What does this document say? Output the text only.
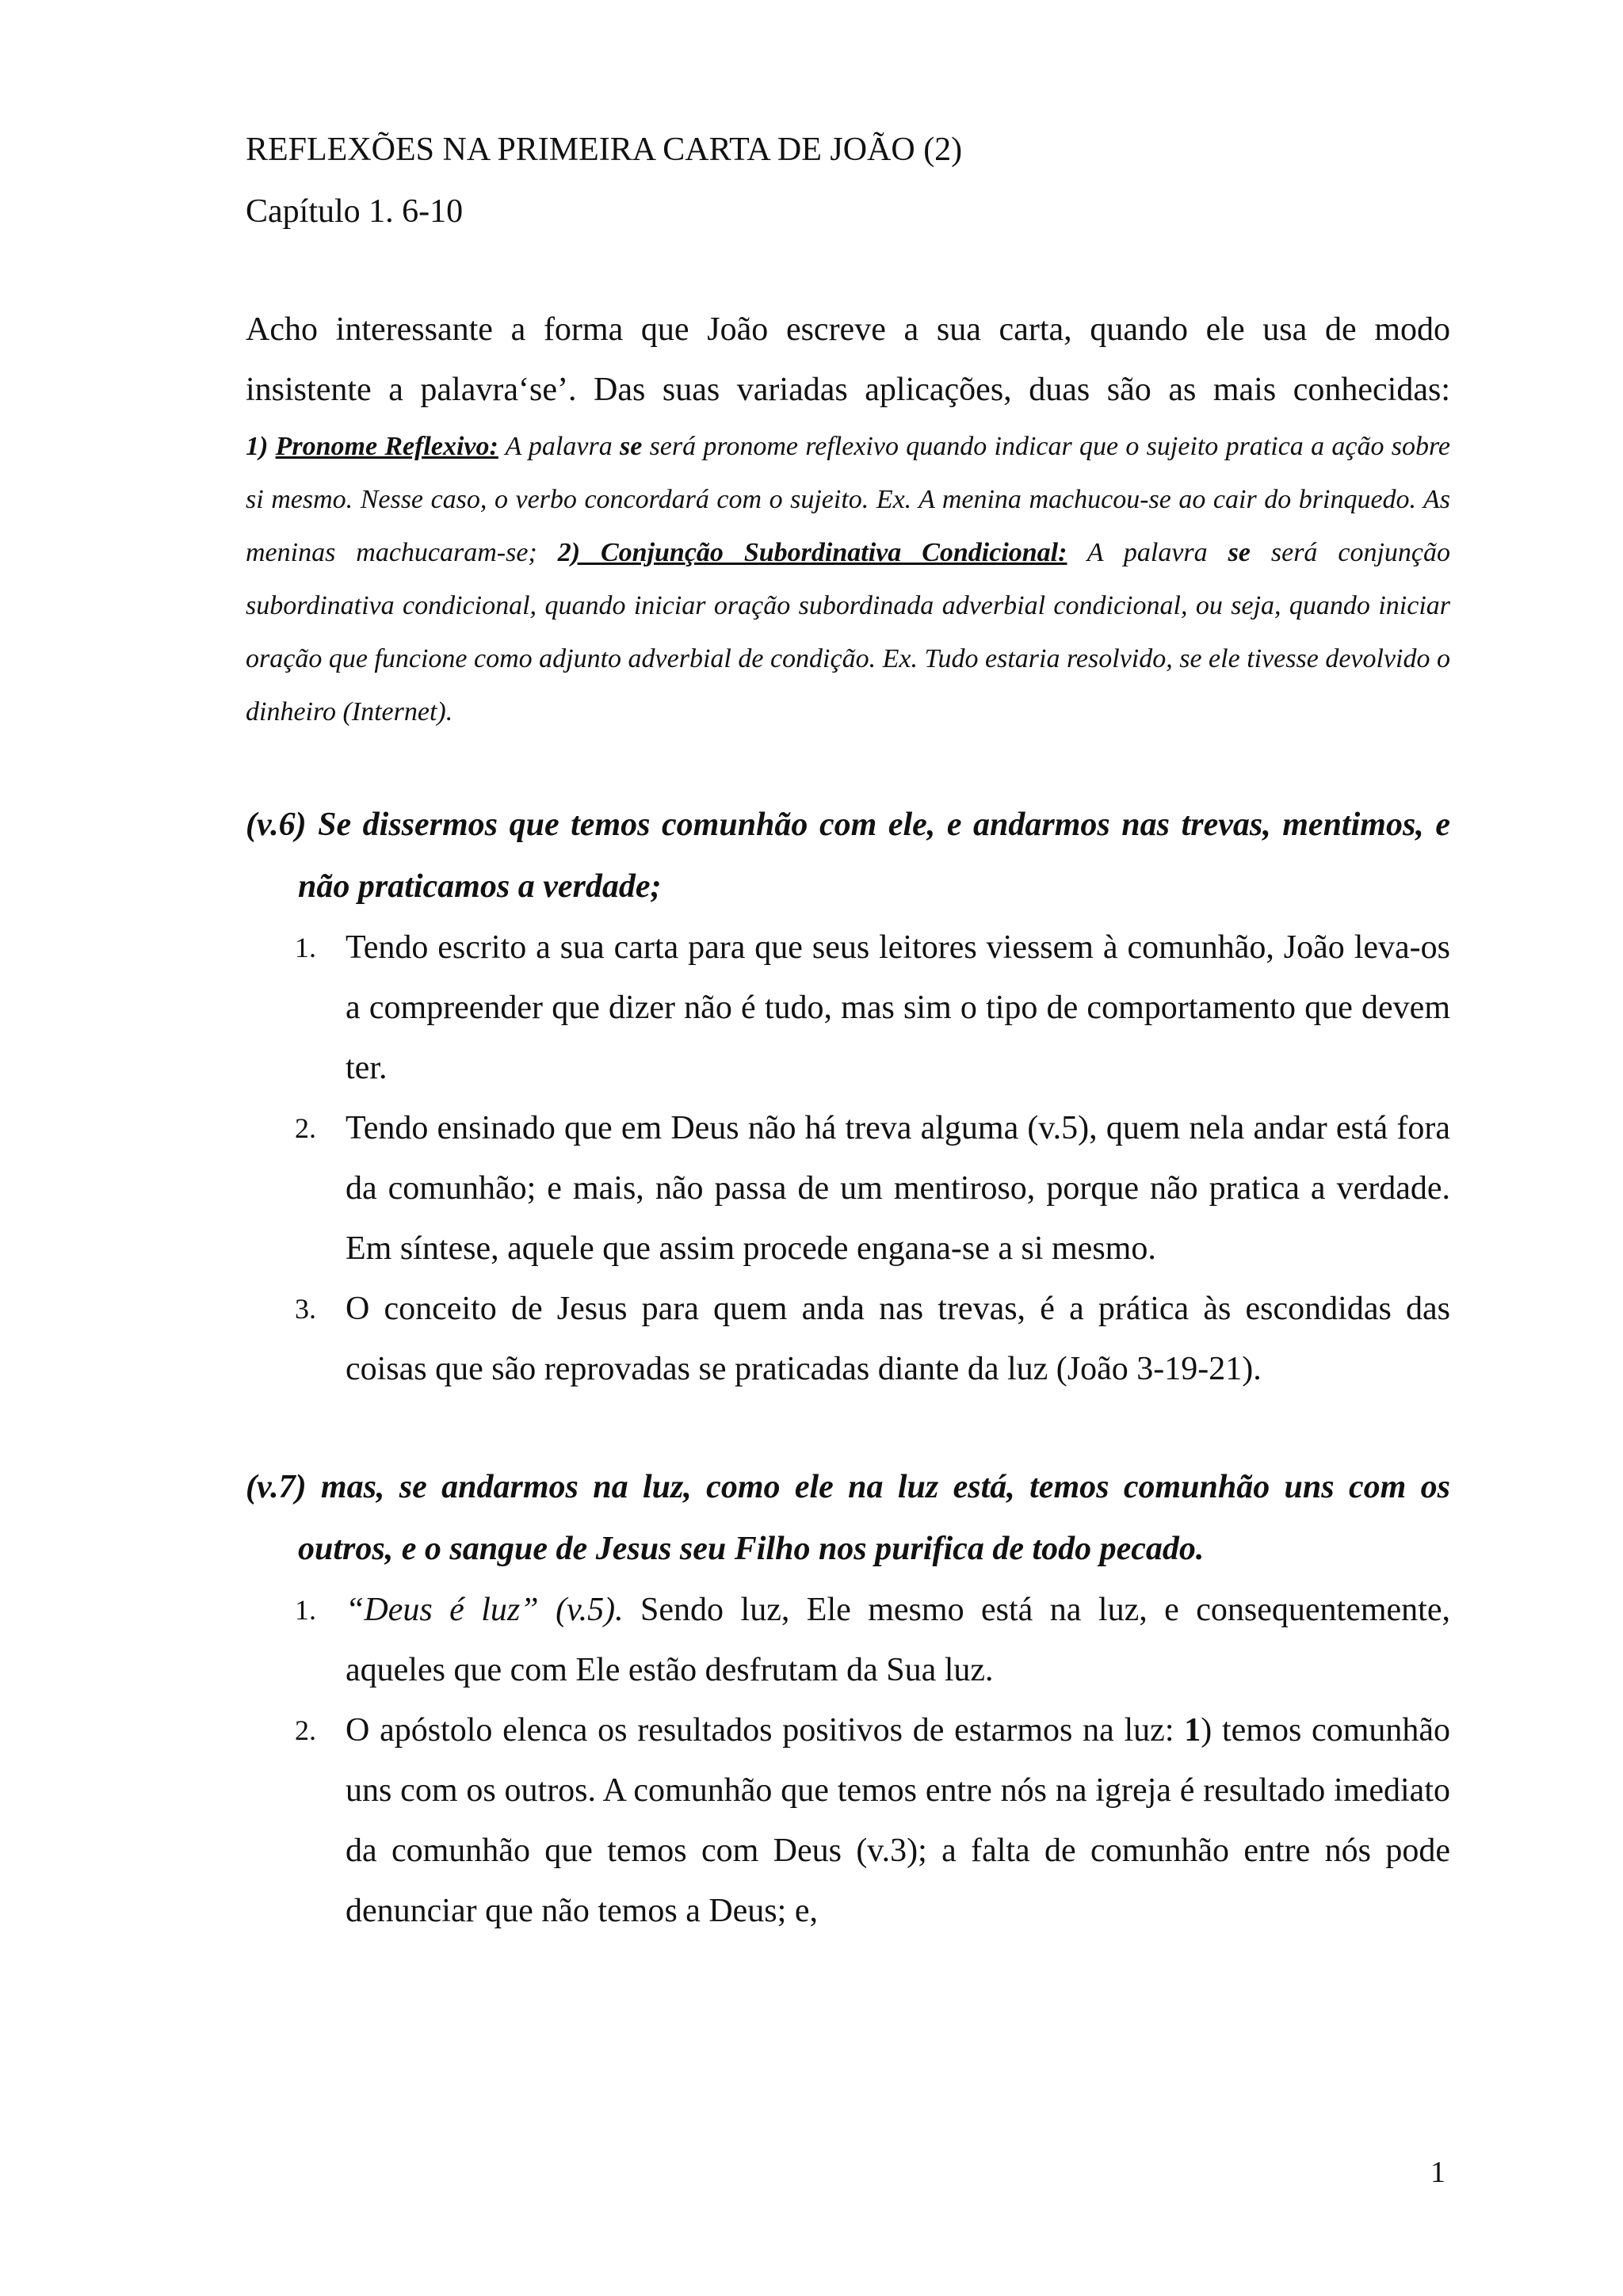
REFLEXÕES NA PRIMEIRA CARTA DE JOÃO (2)

Capítulo 1. 6-10

Acho interessante a forma que João escreve a sua carta, quando ele usa de modo
insistente a palavra‘se’. Das suas variadas aplicações, duas são as mais conhecidas:

1) Pronome Reflexivo: A palavra se será pronome reflexivo quando indicar que o sujeito pratica a ação sobre si mesmo. Nesse caso, o verbo concordará com o sujeito. Ex. A menina machucou-se ao cair do brinquedo. As meninas machucaram-se; 2) Conjunção Subordinativa Condicional: A palavra se será conjunção subordinativa condicional, quando iniciar oração subordinada adverbial condicional, ou seja, quando iniciar oração que funcione como adjunto adverbial de condição. Ex. Tudo estaria resolvido, se ele tivesse devolvido o dinheiro (Internet).

(v.6) Se dissermos que temos comunhão com ele, e andarmos nas trevas, mentimos, e não praticamos a verdade;

1. Tendo escrito a sua carta para que seus leitores viessem à comunhão, João leva-os a compreender que dizer não é tudo, mas sim o tipo de comportamento que devem ter.
2. Tendo ensinado que em Deus não há treva alguma (v.5), quem nela andar está fora da comunhão; e mais, não passa de um mentiroso, porque não pratica a verdade. Em síntese, aquele que assim procede engana-se a si mesmo.
3. O conceito de Jesus para quem anda nas trevas, é a prática às escondidas das coisas que são reprovadas se praticadas diante da luz (João 3-19-21).

(v.7) mas, se andarmos na luz, como ele na luz está, temos comunhão uns com os outros, e o sangue de Jesus seu Filho nos purifica de todo pecado.

1. “Deus é luz” (v.5). Sendo luz, Ele mesmo está na luz, e consequentemente, aqueles que com Ele estão desfrutam da Sua luz.
2. O apóstolo elenca os resultados positivos de estarmos na luz: 1) temos comunhão uns com os outros. A comunhão que temos entre nós na igreja é resultado imediato da comunhão que temos com Deus (v.3); a falta de comunhão entre nós pode denunciar que não temos a Deus; e,
1
